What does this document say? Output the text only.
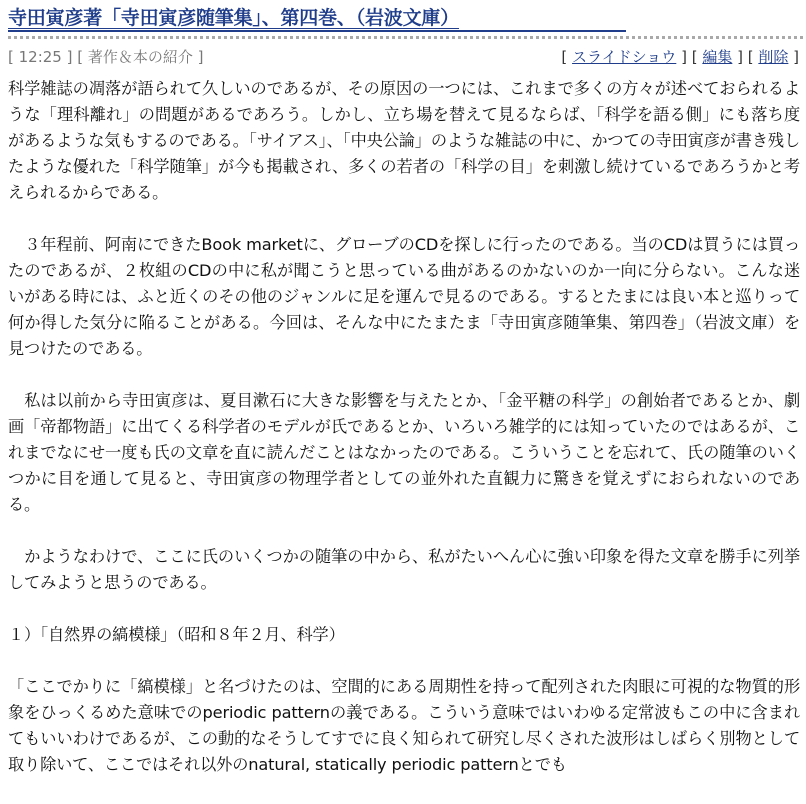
寺田寅彦著「寺田寅彦随筆集」、第四巻、（岩波文庫）
[ 12:25 ] [ 著作＆本の紹介 ]	[ スライドショウ ] [ 編集 ] [ 削除 ]

科学雑誌の凋落が語られて久しいのであるが、その原因の一つには、これまで多くの方々が述べておられるような「理科離れ」の問題があるであろう。しかし、立ち場を替えて見るならば、「科学を語る側」にも落ち度があるような気もするのである。「サイアス」、「中央公論」のような雑誌の中に、かつての寺田寅彦が書き残したような優れた「科学随筆」が今も掲載され、多くの若者の「科学の目」を刺激し続けているであろうかと考えられるからである。

３年程前、阿南にできたBook marketに、グローブのCDを探しに行ったのである。当のCDは買うには買ったのであるが、２枚組のCDの中に私が聞こうと思っている曲があるのかないのか一向に分らない。こんな迷いがある時には、ふと近くのその他のジャンルに足を運んで見るのである。するとたまには良い本と巡りって何か得した気分に陥ることがある。今回は、そんな中にたまたま「寺田寅彦随筆集、第四巻」（岩波文庫）を見つけたのである。

私は以前から寺田寅彦は、夏目漱石に大きな影響を与えたとか、「金平糖の科学」の創始者であるとか、劇画「帝都物語」に出てくる科学者のモデルが氏であるとか、いろいろ雑学的には知っていたのではあるが、これまでなにせ一度も氏の文章を直に読んだことはなかったのである。こういうことを忘れて、氏の随筆のいくつかに目を通して見ると、寺田寅彦の物理学者としての並外れた直観力に驚きを覚えずにおられないのである。

かようなわけで、ここに氏のいくつかの随筆の中から、私がたいへん心に強い印象を得た文章を勝手に列挙してみようと思うのである。

１）「自然界の縞模様」（昭和８年２月、科学）

「ここでかりに「縞模様」と名づけたのは、空間的にある周期性を持って配列された肉眼に可視的な物質的形象をひっくるめた意味でのperiodic patternの義である。こういう意味ではいわゆる定常波もこの中に含まれてもいいわけであるが、この動的なそうしてすでに良く知られて研究し尽くされた波形はしばらく別物として取り除いて、ここではそれ以外のnatural, statically periodic patternとでも
